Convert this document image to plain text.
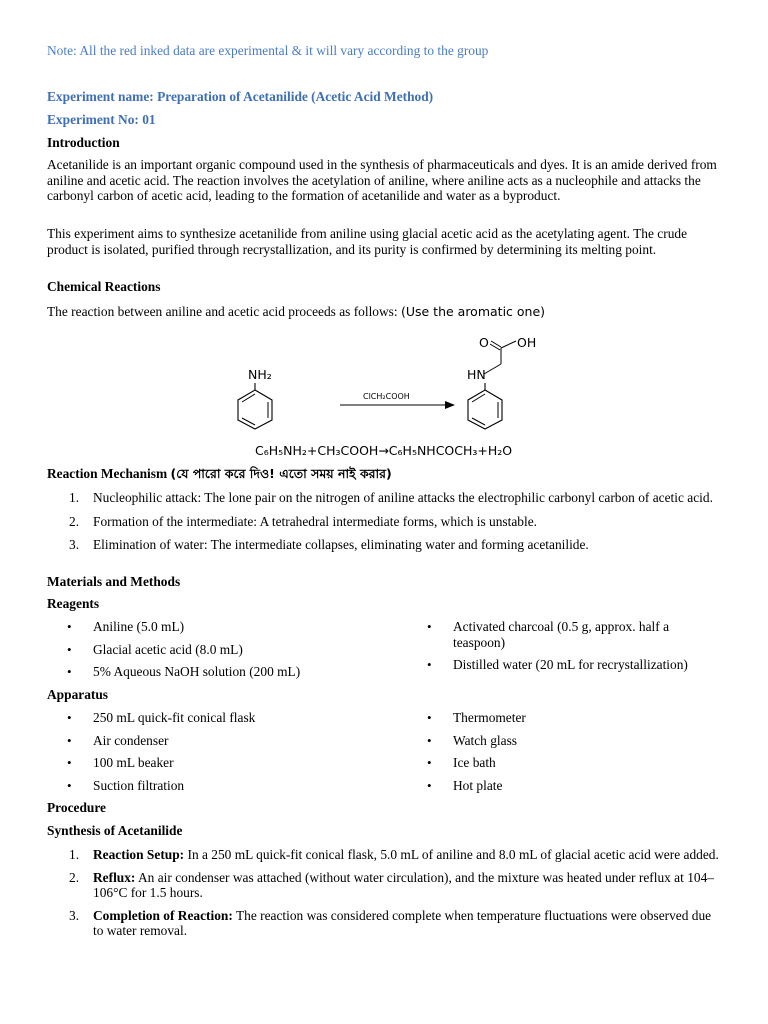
Note: All the red inked data are experimental & it will vary according to the group
Experiment name: Preparation of Acetanilide (Acetic Acid Method)
Experiment No: 01
Introduction

Acetanilide is an important organic compound used in the synthesis of pharmaceuticals and dyes. It is an amide derived from aniline and acetic acid. The reaction involves the acetylation of aniline, where aniline acts as a nucleophile and attacks the carbonyl carbon of acetic acid, leading to the formation of acetanilide and water as a byproduct.

This experiment aims to synthesize acetanilide from aniline using glacial acetic acid as the acetylating agent. The crude product is isolated, purified through recrystallization, and its purity is confirmed by determining its melting point.

Chemical Reactions
The reaction between aniline and acetic acid proceeds as follows: (Use the aromatic one)
NH₂
ClCH₂COOH
O OH
HN
C₆H₅NH₂+CH₃COOH→C₆H₅NHCOCH₃+H₂O
Reaction Mechanism (যে পারো করে দিও! এতো সময় নাই করার)
1. Nucleophilic attack: The lone pair on the nitrogen of aniline attacks the electrophilic carbonyl carbon of acetic acid.
2. Formation of the intermediate: A tetrahedral intermediate forms, which is unstable.
3. Elimination of water: The intermediate collapses, eliminating water and forming acetanilide.
Materials and Methods
Reagents
• Aniline (5.0 mL)
• Glacial acetic acid (8.0 mL)
• 5% Aqueous NaOH solution (200 mL)
• Activated charcoal (0.5 g, approx. half a teaspoon)
• Distilled water (20 mL for recrystallization)
Apparatus
• 250 mL quick-fit conical flask
• Air condenser
• 100 mL beaker
• Suction filtration
• Thermometer
• Watch glass
• Ice bath
• Hot plate
Procedure
Synthesis of Acetanilide
1. Reaction Setup: In a 250 mL quick-fit conical flask, 5.0 mL of aniline and 8.0 mL of glacial acetic acid were added.
2. Reflux: An air condenser was attached (without water circulation), and the mixture was heated under reflux at 104–106°C for 1.5 hours.
3. Completion of Reaction: The reaction was considered complete when temperature fluctuations were observed due to water removal.
